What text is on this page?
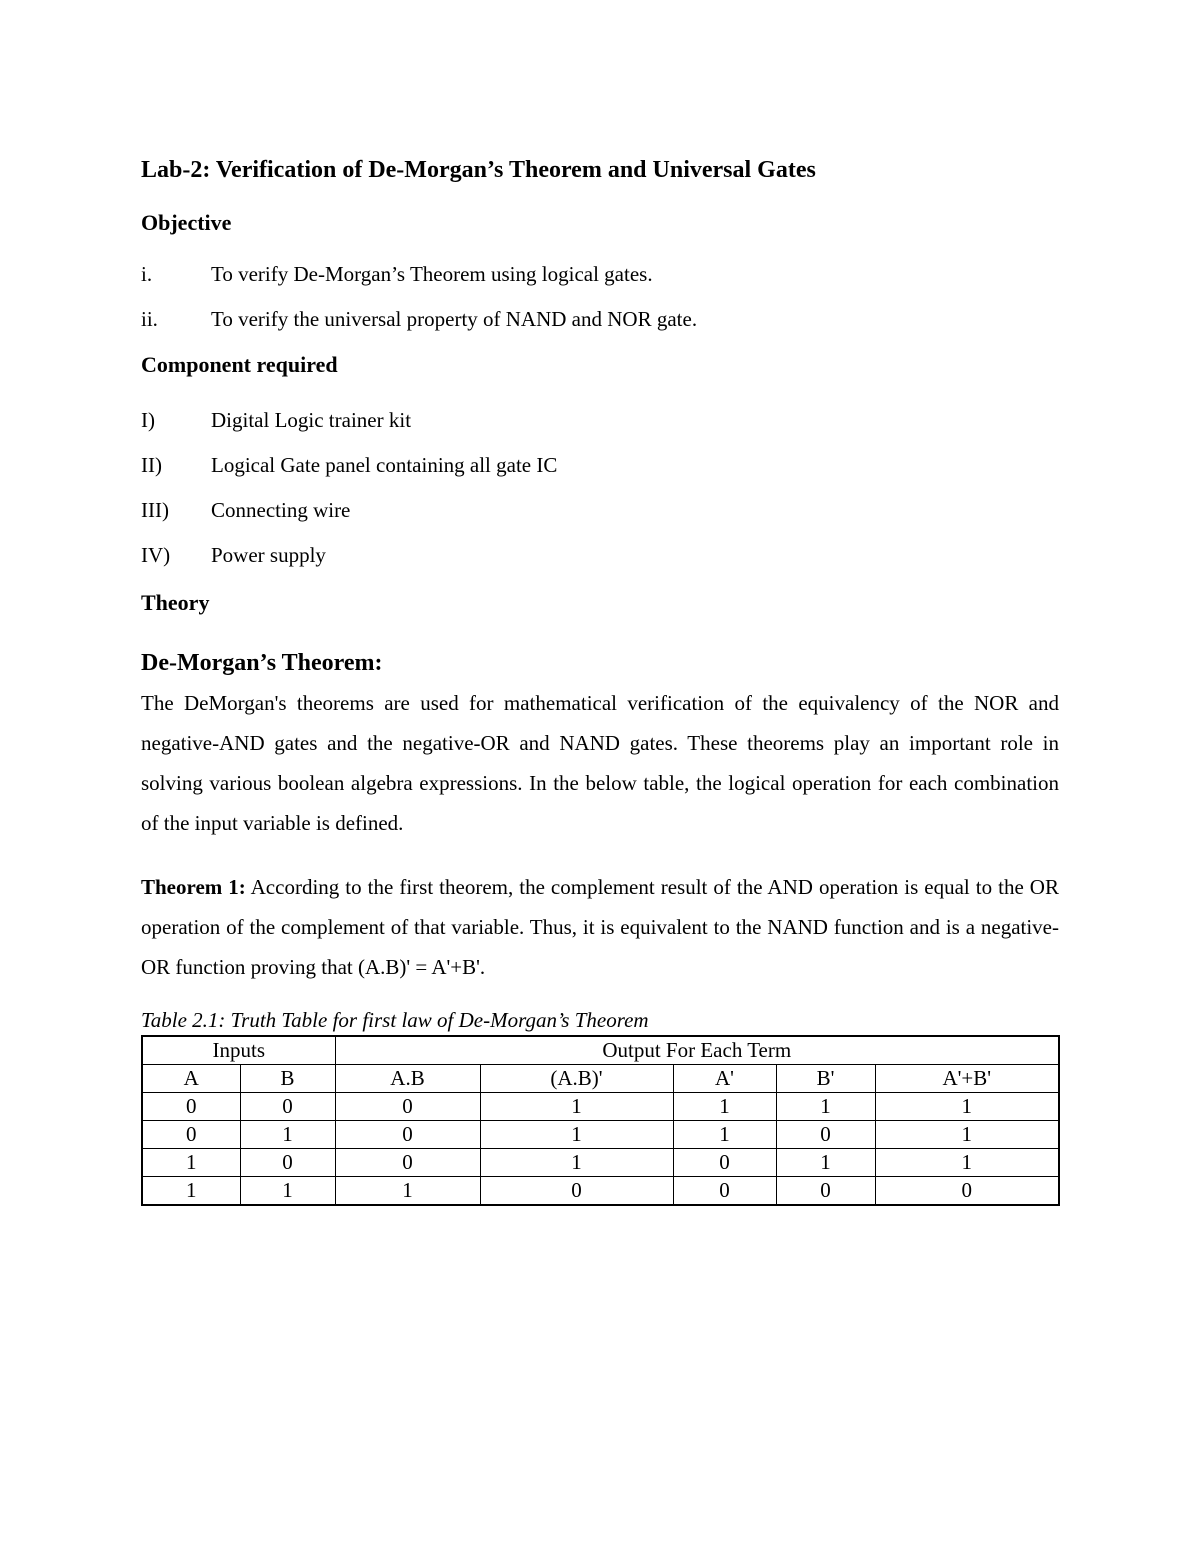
Lab-2: Verification of De-Morgan’s Theorem and Universal Gates
Objective
i.	To verify De-Morgan’s Theorem using logical gates.
ii.	To verify the universal property of NAND and NOR gate.
Component required
I)	Digital Logic trainer kit
II)	Logical Gate panel containing all gate IC
III)	Connecting wire
IV)	Power supply
Theory
De-Morgan’s Theorem:

The DeMorgan's theorems are used for mathematical verification of the equivalency of the NOR and negative-AND gates and the negative-OR and NAND gates. These theorems play an important role in solving various boolean algebra expressions. In the below table, the logical operation for each combination of the input variable is defined.

Theorem 1: According to the first theorem, the complement result of the AND operation is equal to the OR operation of the complement of that variable. Thus, it is equivalent to the NAND function and is a negative-OR function proving that (A.B)' = A'+B'.

Table 2.1: Truth Table for first law of De-Morgan’s Theorem

Inputs		Output For Each Term				
A	B	A.B	(A.B)'	A'	B'	A'+B'
0	0	0	1	1	1	1
0	1	0	1	1	0	1
1	0	0	1	0	1	1
1	1	1	0	0	0	0
